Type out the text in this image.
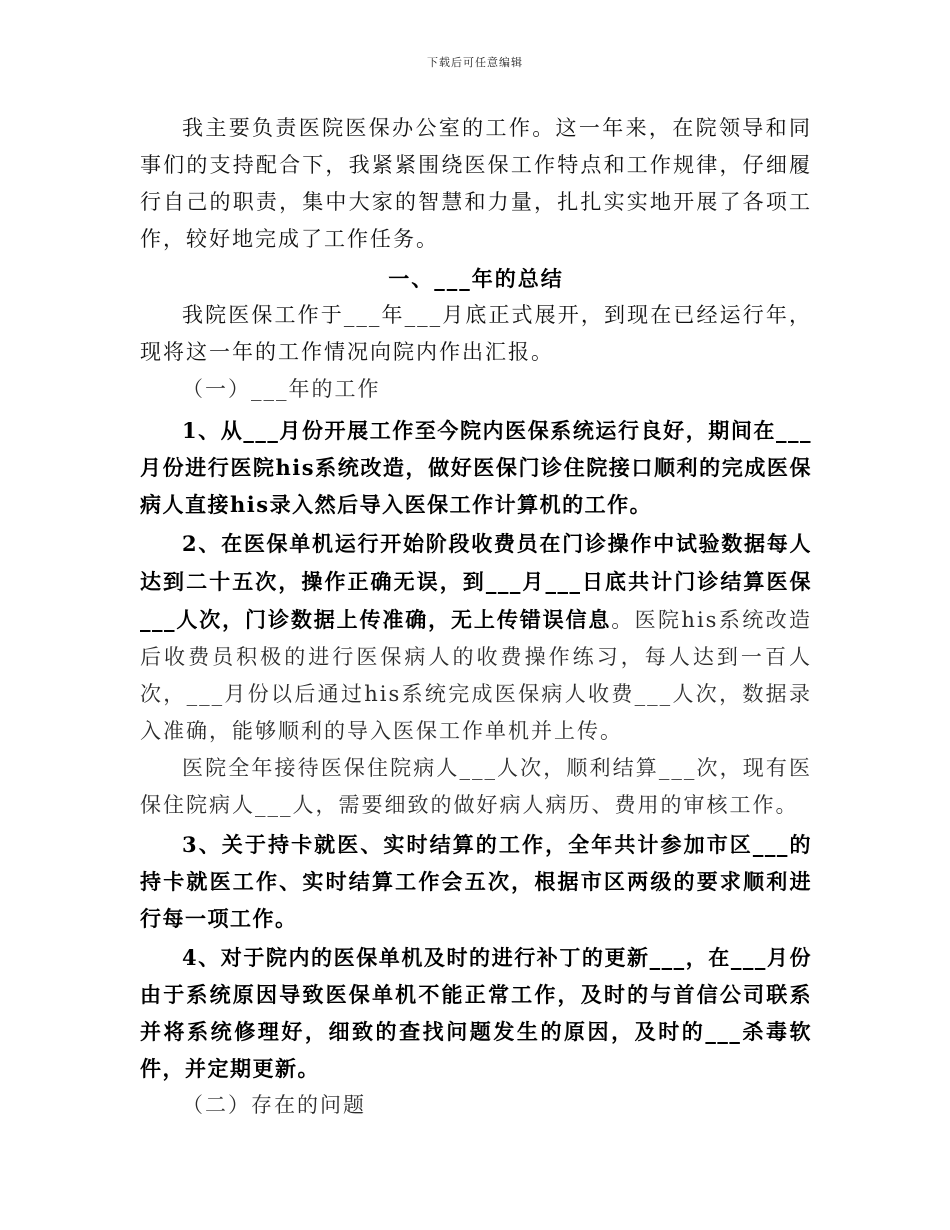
下载后可任意编辑

我主要负责医院医保办公室的工作。这一年来，在院领导和同事们的支持配合下，我紧紧围绕医保工作特点和工作规律，仔细履行自己的职责，集中大家的智慧和力量，扎扎实实地开展了各项工作，较好地完成了工作任务。

一、___年的总结

我院医保工作于___年___月底正式展开，到现在已经运行年，现将这一年的工作情况向院内作出汇报。

（一）___年的工作

1、从___月份开展工作至今院内医保系统运行良好，期间在___月份进行医院his系统改造，做好医保门诊住院接口顺利的完成医保病人直接his录入然后导入医保工作计算机的工作。

2、在医保单机运行开始阶段收费员在门诊操作中试验数据每人达到二十五次，操作正确无误，到___月___日底共计门诊结算医保___人次，门诊数据上传准确，无上传错误信息。医院his系统改造后收费员积极的进行医保病人的收费操作练习，每人达到一百人次，___月份以后通过his系统完成医保病人收费___人次，数据录入准确，能够顺利的导入医保工作单机并上传。

医院全年接待医保住院病人___人次，顺利结算___次，现有医保住院病人___人，需要细致的做好病人病历、费用的审核工作。

3、关于持卡就医、实时结算的工作，全年共计参加市区___的持卡就医工作、实时结算工作会五次，根据市区两级的要求顺利进行每一项工作。

4、对于院内的医保单机及时的进行补丁的更新___，在___月份由于系统原因导致医保单机不能正常工作，及时的与首信公司联系并将系统修理好，细致的查找问题发生的原因，及时的___杀毒软件，并定期更新。

（二）存在的问题
